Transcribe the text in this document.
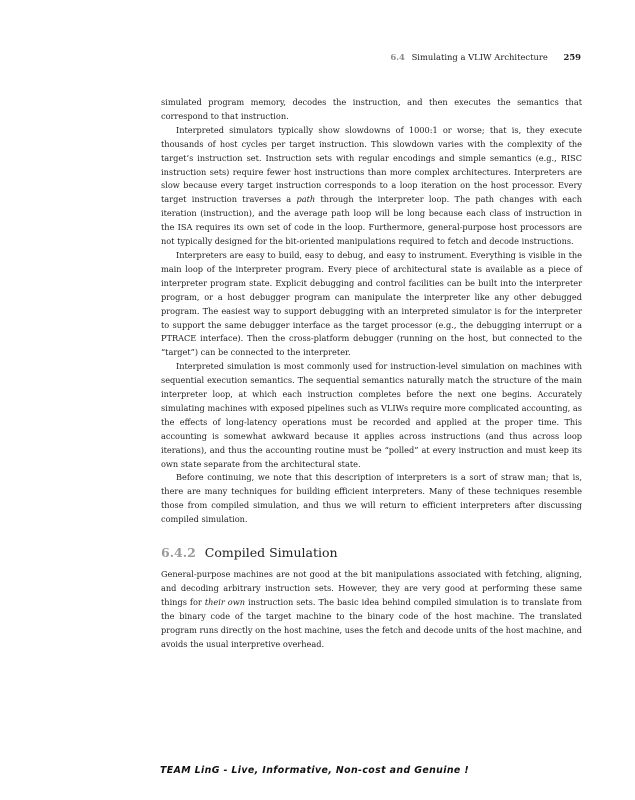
6.4 Simulating a VLIW Architecture 259

simulated program memory, decodes the instruction, and then executes the semantics that correspond to that instruction.

Interpreted simulators typically show slowdowns of 1000:1 or worse; that is, they execute thousands of host cycles per target instruction. This slowdown varies with the complexity of the target’s instruction set. Instruction sets with regular encodings and simple semantics (e.g., RISC instruction sets) require fewer host instructions than more complex architectures. Interpreters are slow because every target instruction corresponds to a loop iteration on the host processor. Every target instruction traverses a path through the interpreter loop. The path changes with each iteration (instruction), and the average path loop will be long because each class of instruction in the ISA requires its own set of code in the loop. Furthermore, general-purpose host processors are not typically designed for the bit-oriented manipulations required to fetch and decode instructions.

Interpreters are easy to build, easy to debug, and easy to instrument. Everything is visible in the main loop of the interpreter program. Every piece of architectural state is available as a piece of interpreter program state. Explicit debugging and control facilities can be built into the interpreter program, or a host debugger program can manipulate the interpreter like any other debugged program. The easiest way to support debugging with an interpreted simulator is for the interpreter to support the same debugger interface as the target processor (e.g., the debugging interrupt or a PTRACE interface). Then the cross-platform debugger (running on the host, but connected to the “target”) can be connected to the interpreter.

Interpreted simulation is most commonly used for instruction-level simulation on machines with sequential execution semantics. The sequential semantics naturally match the structure of the main interpreter loop, at which each instruction completes before the next one begins. Accurately simulating machines with exposed pipelines such as VLIWs require more complicated accounting, as the effects of long-latency operations must be recorded and applied at the proper time. This accounting is somewhat awkward because it applies across instructions (and thus across loop iterations), and thus the accounting routine must be “polled” at every instruction and must keep its own state separate from the architectural state.

Before continuing, we note that this description of interpreters is a sort of straw man; that is, there are many techniques for building efficient interpreters. Many of these techniques resemble those from compiled simulation, and thus we will return to efficient interpreters after discussing compiled simulation.

6.4.2 Compiled Simulation

General-purpose machines are not good at the bit manipulations associated with fetching, aligning, and decoding arbitrary instruction sets. However, they are very good at performing these same things for their own instruction sets. The basic idea behind compiled simulation is to translate from the binary code of the target machine to the binary code of the host machine. The translated program runs directly on the host machine, uses the fetch and decode units of the host machine, and avoids the usual interpretive overhead.

TEAM LinG - Live, Informative, Non-cost and Genuine !
